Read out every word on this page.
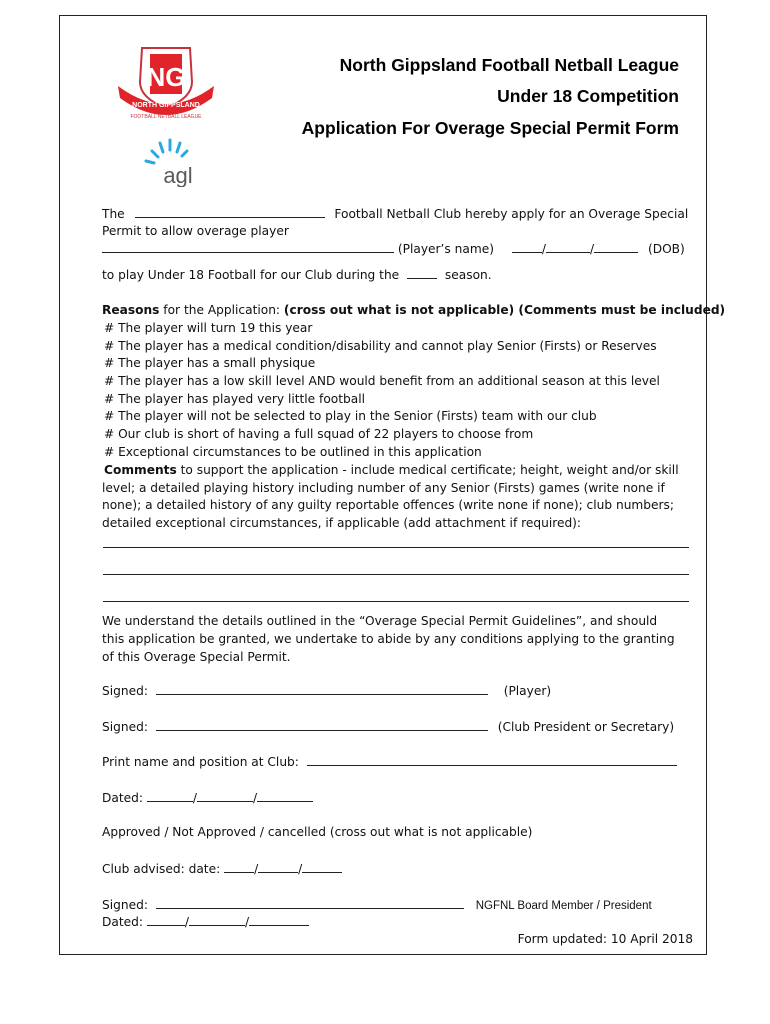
NG
NORTH GIPPSLAND
FOOTBALL NETBALL LEAGUE
agl
North Gippsland Football Netball League
Under 18 Competition
Application For Overage Special Permit Form
The	Football Netball Club hereby apply for an Overage Special
Permit to allow overage player
(Player’s name)	/	/	(DOB)
to play Under 18 Football for our Club during the	season.
Reasons for the Application: (cross out what is not applicable) (Comments must be included)
# The player will turn 19 this year
# The player has a medical condition/disability and cannot play Senior (Firsts) or Reserves
# The player has a small physique
# The player has a low skill level AND would benefit from an additional season at this level
# The player has played very little football
# The player will not be selected to play in the Senior (Firsts) team with our club
# Our club is short of having a full squad of 22 players to choose from
# Exceptional circumstances to be outlined in this application
Comments to support the application - include medical certificate; height, weight and/or skill
level; a detailed playing history including number of any Senior (Firsts) games (write none if
none); a detailed history of any guilty reportable offences (write none if none); club numbers;
detailed exceptional circumstances, if applicable (add attachment if required):
We understand the details outlined in the “Overage Special Permit Guidelines”, and should
this application be granted, we undertake to abide by any conditions applying to the granting
of this Overage Special Permit.
Signed:	(Player)
Signed:	(Club President or Secretary)
Print name and position at Club:
Dated:	/	/
Approved / Not Approved / cancelled (cross out what is not applicable)
Club advised: date:	/	/
Signed:	NGFNL Board Member / President
Dated:	/	/
Form updated: 10 April 2018
